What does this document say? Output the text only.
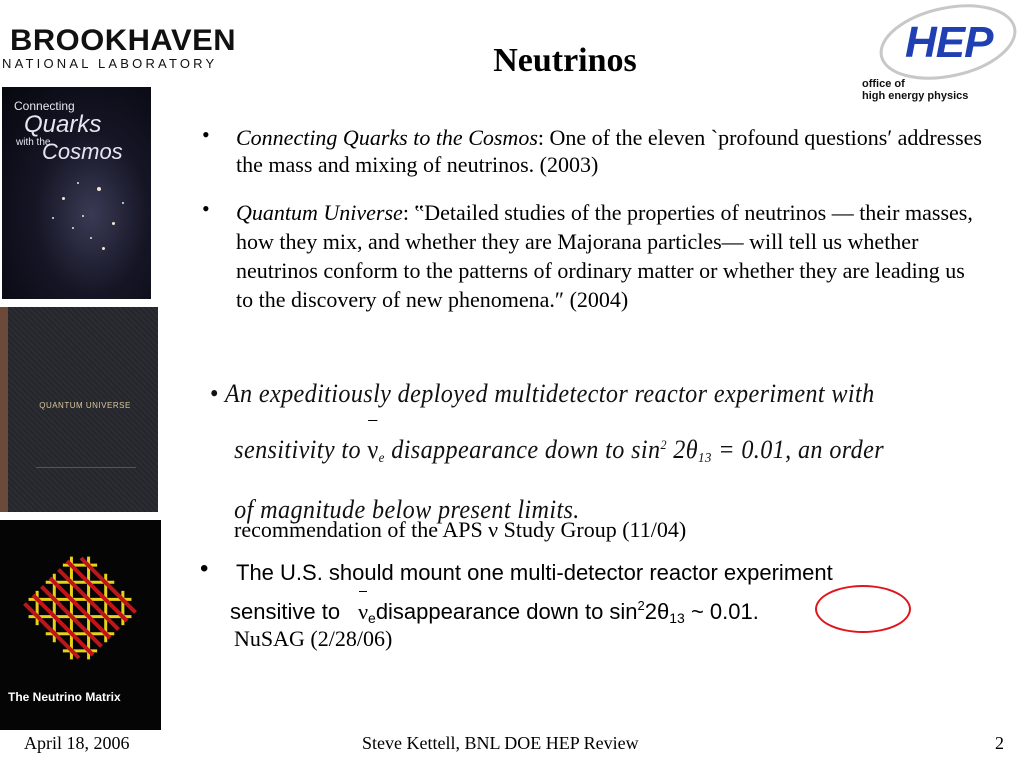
BROOKHAVEN
NATIONAL LABORATORY	HEP
office of
high energy physics
Neutrinos
Connecting
Quarks
with the
Cosmos
QUANTUM UNIVERSE
The Neutrino Matrix
• Connecting Quarks to the Cosmos: One of the eleven `profound questions′ addresses the mass and mixing of neutrinos. (2003)
• Quantum Universe: ‟Detailed studies of the properties of neutrinos — their masses, how they mix, and whether they are Majorana particles— will tell us whether neutrinos conform to the patterns of ordinary matter or whether they are leading us to the discovery of new phenomena.″ (2004)
• An expeditiously deployed multidetector reactor experiment with
sensitivity to $\nu_e$ disappearance down to $\sin^2 2\theta_{13} = 0.01$, an order
of magnitude below present limits.
recommendation of the APS ν Study Group (11/04)
• The U.S. should mount one multi-detector reactor experiment
sensitive to $\nu_edisappearance$ down to $\sin^22\theta_{13}$ ~ 0.01.
NuSAG (2/28/06)
April 18, 2006	Steve Kettell, BNL DOE HEP Review	2
